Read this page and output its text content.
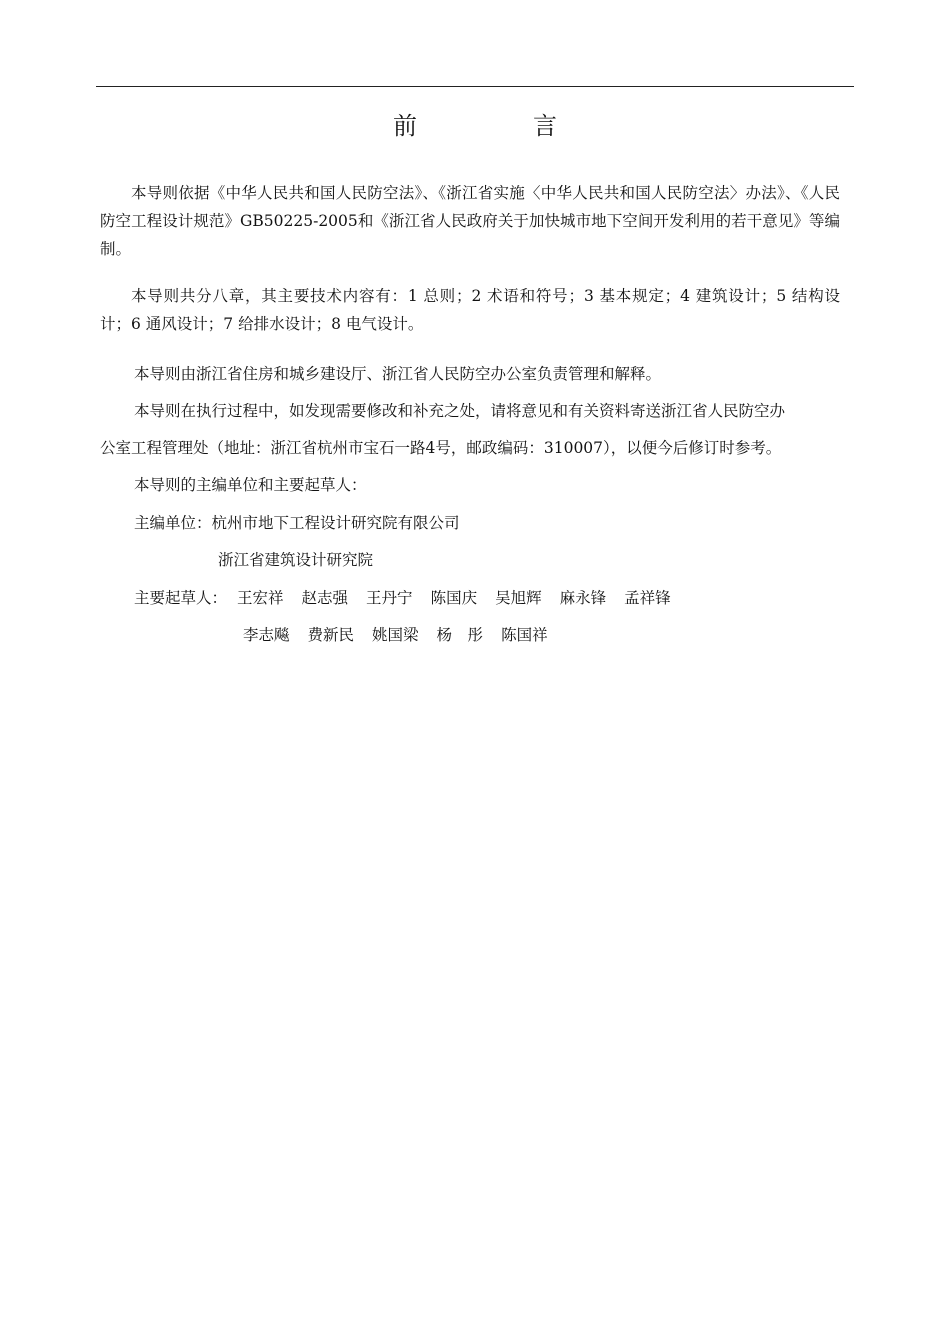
前　言

本导则依据《中华人民共和国人民防空法》、《浙江省实施〈中华人民共和国人民防空法〉办法》、《人民防空工程设计规范》GB50225-2005和《浙江省人民政府关于加快城市地下空间开发利用的若干意见》等编制。

本导则共分八章，其主要技术内容有：1 总则；2 术语和符号；3 基本规定；4 建筑设计；5 结构设计；6 通风设计；7 给排水设计；8 电气设计。

本导则由浙江省住房和城乡建设厅、浙江省人民防空办公室负责管理和解释。

本导则在执行过程中，如发现需要修改和补充之处，请将意见和有关资料寄送浙江省人民防空办

公室工程管理处（地址：浙江省杭州市宝石一路4号，邮政编码：310007），以便今后修订时参考。

本导则的主编单位和主要起草人：

主编单位：杭州市地下工程设计研究院有限公司

浙江省建筑设计研究院

主要起草人： 王宏祥 赵志强 王丹宁 陈国庆 吴旭辉 麻永锋 孟祥锋

李志飚 费新民 姚国梁 杨　彤 陈国祥
